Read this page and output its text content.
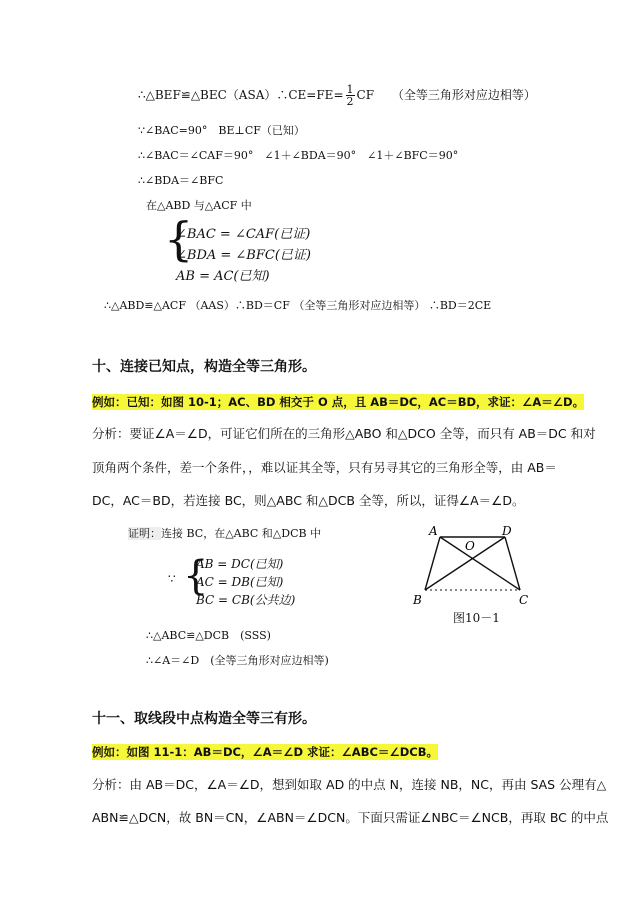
∴△BEF≌△BEC（ASA）∴CE=FE= $\frac{1}{2}$ CF （全等三角形对应边相等）
∵∠BAC=90°　BE⊥CF（已知）
∴∠BAC＝∠CAF＝90°　∠1＋∠BDA＝90°　∠1＋∠BFC＝90°
∴∠BDA＝∠BFC
在△ABD 与△ACF 中
{
∠BAC = ∠CAF(已证)
∠BDA = ∠BFC(已证)
AB = AC(已知)
∴△ABD≌△ACF （AAS）∴BD＝CF （全等三角形对应边相等） ∴BD＝2CE
十、连接已知点，构造全等三角形。
例如：已知：如图 10-1；AC、BD 相交于 O 点，且 AB＝DC，AC＝BD，求证：∠A＝∠D。
分析：要证∠A＝∠D，可证它们所在的三角形△ABO 和△DCO 全等，而只有 AB＝DC 和对
顶角两个条件，差一个条件，，难以证其全等，只有另寻其它的三角形全等，由 AB＝
DC，AC＝BD，若连接 BC，则△ABC 和△DCB 全等，所以，证得∠A＝∠D。
证明：连接 BC，在△ABC 和△DCB 中
∵ {
AB = DC(已知)
AC = DB(已知)
BC = CB(公共边)
∴△ABC≌△DCB　(SSS)
∴∠A＝∠D　(全等三角形对应边相等)
A	D
O
B	C
图10－1
十一、取线段中点构造全等三有形。
例如：如图 11-1：AB＝DC，∠A＝∠D 求证：∠ABC＝∠DCB。
分析：由 AB＝DC，∠A＝∠D，想到如取 AD 的中点 N，连接 NB，NC，再由 SAS 公理有△
ABN≌△DCN，故 BN＝CN，∠ABN＝∠DCN。下面只需证∠NBC＝∠NCB，再取 BC 的中点
